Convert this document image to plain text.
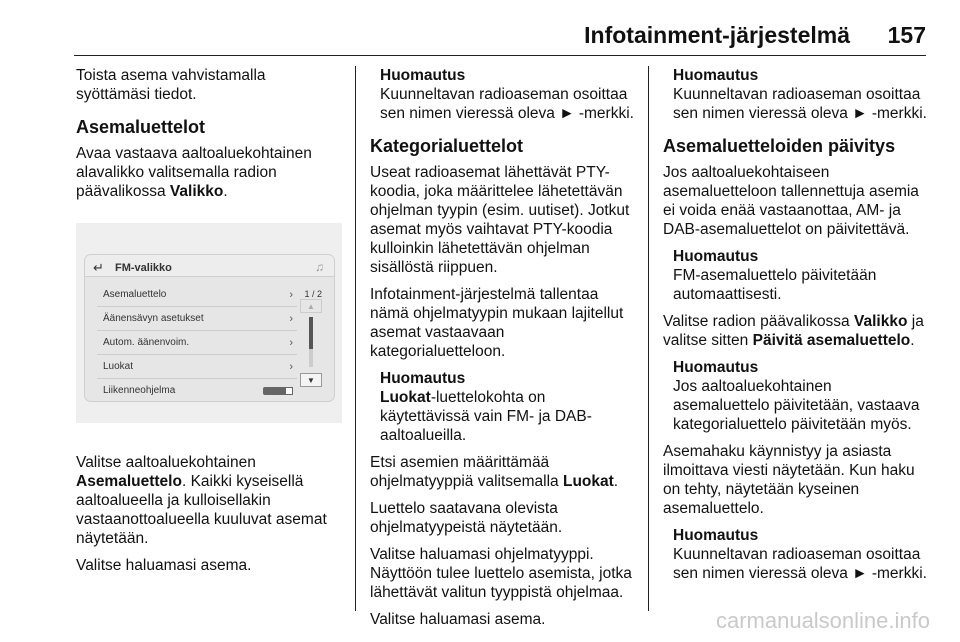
Infotainment-järjestelmä 157

Toista asema vahvistamalla syöttämäsi tiedot.

Asemaluettelot

Avaa vastaava aaltoaluekohtainen alavalikko valitsemalla radion päävalikossa Valikko.

↵ FM-valikko	♫
Asemaluettelo	›
Äänensävyn asetukset	›
Autom. äänenvoim.	›
Luokat	›
Liikenneohjelma
1 / 2
▲
▼

Valitse aaltoaluekohtainen Asemaluettelo. Kaikki kyseisellä aaltoalueella ja kulloisellakin vastaanottoalueella kuuluvat asemat näytetään.

Valitse haluamasi asema.

Huomautus
Kuunneltavan radioaseman osoittaa sen nimen vieressä oleva ► -merkki.
Kategorialuettelot

Useat radioasemat lähettävät PTY-koodia, joka määrittelee lähetettävän ohjelman tyypin (esim. uutiset). Jotkut asemat myös vaihtavat PTY-koodia kulloinkin lähetettävän ohjelman sisällöstä riippuen.

Infotainment-järjestelmä tallentaa nämä ohjelmatyypin mukaan lajitellut asemat vastaavaan kategorialuetteloon.

Huomautus
Luokat-luettelokohta on käytettävissä vain FM- ja DAB-aaltoalueilla.

Etsi asemien määrittämää ohjelmatyyppiä valitsemalla Luokat.

Luettelo saatavana olevista ohjelmatyypeistä näytetään.

Valitse haluamasi ohjelmatyyppi. Näyttöön tulee luettelo asemista, jotka lähettävät valitun tyyppistä ohjelmaa.

Valitse haluamasi asema.

Huomautus
Kuunneltavan radioaseman osoittaa sen nimen vieressä oleva ► -merkki.
Asemaluetteloiden päivitys

Jos aaltoaluekohtaiseen asemaluetteloon tallennettuja asemia ei voida enää vastaanottaa, AM- ja DAB-asemaluettelot on päivitettävä.

Huomautus
FM-asemaluettelo päivitetään automaattisesti.

Valitse radion päävalikossa Valikko ja valitse sitten Päivitä asemaluettelo.

Huomautus
Jos aaltoaluekohtainen asemaluettelo päivitetään, vastaava kategorialuettelo päivitetään myös.

Asemahaku käynnistyy ja asiasta ilmoittava viesti näytetään. Kun haku on tehty, näytetään kyseinen asemaluettelo.

Huomautus
Kuunneltavan radioaseman osoittaa sen nimen vieressä oleva ► -merkki.
carmanualsonline.info
